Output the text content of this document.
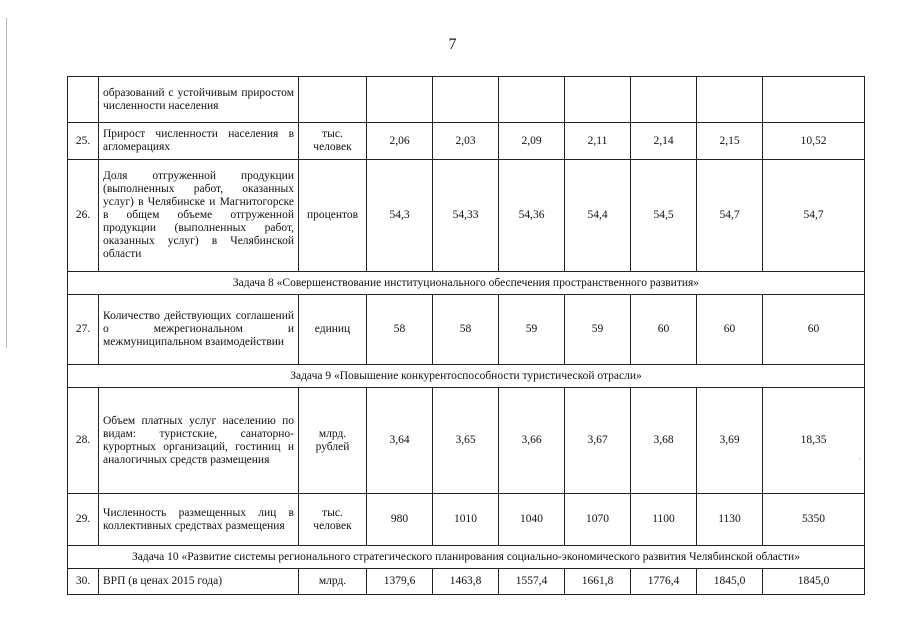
7
·
	образований с устойчивым приростом численности населения								
25.	Прирост численности населения в агломерациях	тыс. человек	2,06	2,03	2,09	2,11	2,14	2,15	10,52
26.	Доля отгруженной продукции (выполненных работ, оказанных услуг) в Челябинске и Магнитогорске в общем объеме отгруженной продукции (выполненных работ, оказанных услуг) в Челябинской области	процентов	54,3	54,33	54,36	54,4	54,5	54,7	54,7
Задача 8 «Совершенствование институционального обеспечения пространственного развития»									
27.	Количество действующих соглашений о межрегиональном и межмуниципальном взаимодействии	единиц	58	58	59	59	60	60	60
Задача 9 «Повышение конкурентоспособности туристической отрасли»									
28.	Объем платных услуг населению по видам: туристские, санаторно-курортных организаций, гостиниц и аналогичных средств размещения	млрд. рублей	3,64	3,65	3,66	3,67	3,68	3,69	18,35
29.	Численность размещенных лиц в коллективных средствах размещения	тыс. человек	980	1010	1040	1070	1100	1130	5350
Задача 10 «Развитие системы регионального стратегического планирования социально-экономического развития Челябинской области»									
30.	ВРП (в ценах 2015 года)	млрд.	1379,6	1463,8	1557,4	1661,8	1776,4	1845,0	1845,0
